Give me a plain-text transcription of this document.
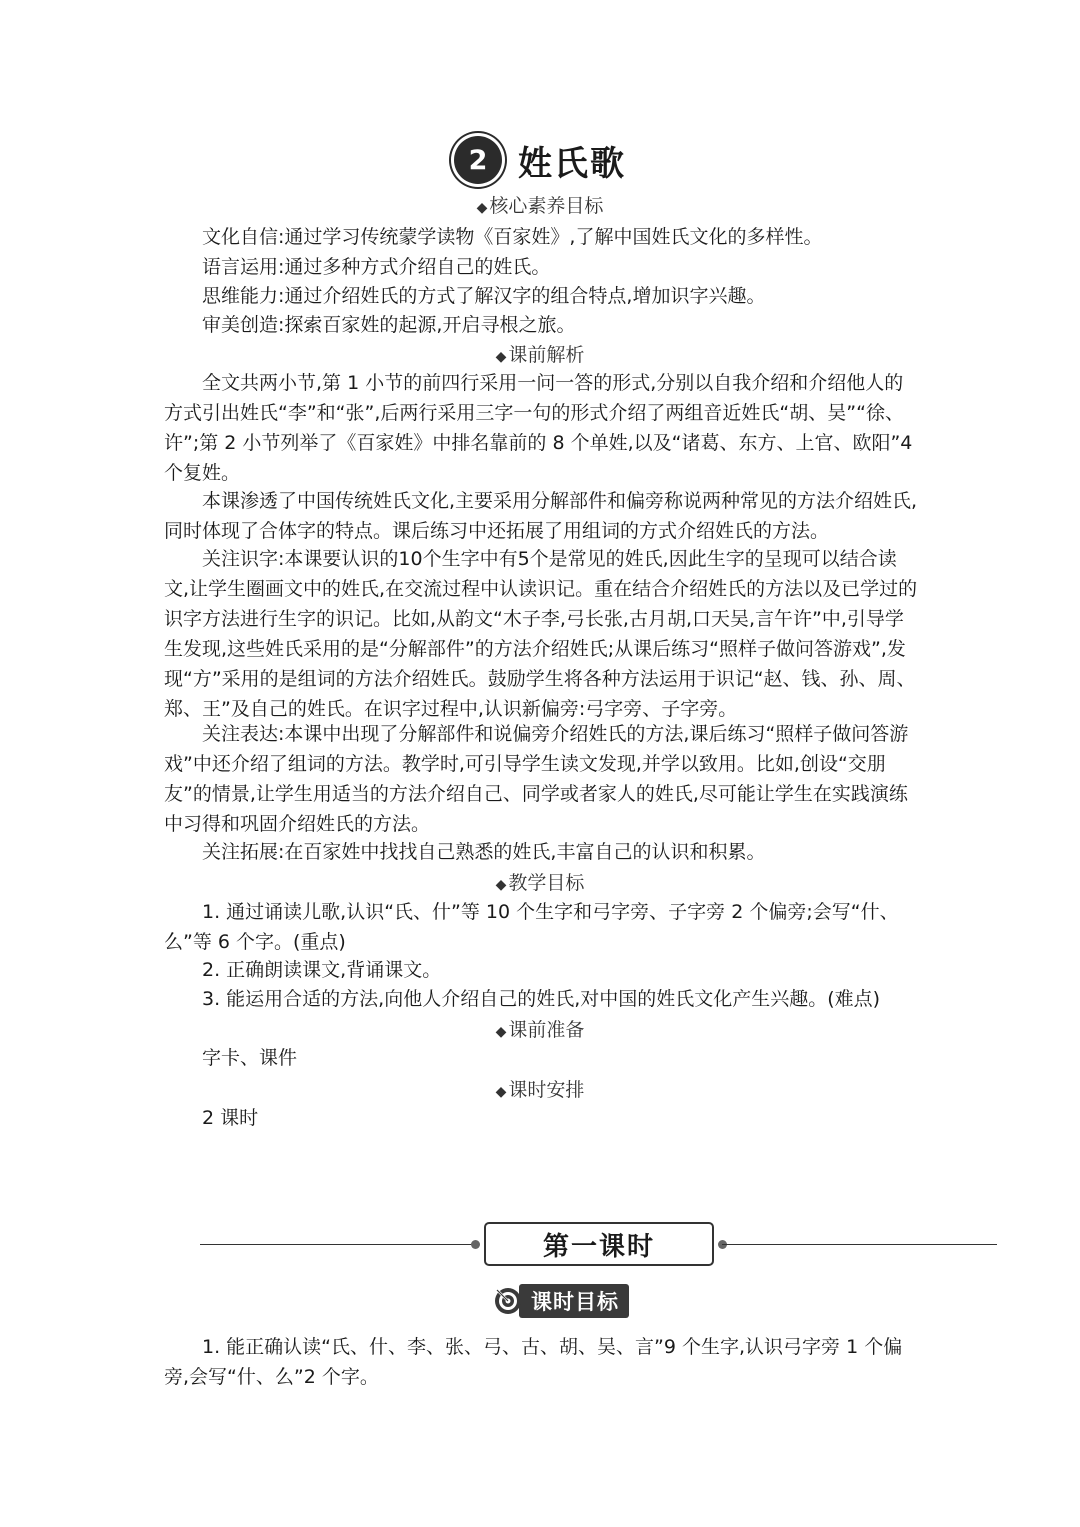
2 姓氏歌
◆ 核心素养目标
文化自信:通过学习传统蒙学读物《百家姓》,了解中国姓氏文化的多样性。
语言运用:通过多种方式介绍自己的姓氏。
思维能力:通过介绍姓氏的方式了解汉字的组合特点,增加识字兴趣。
审美创造:探索百家姓的起源,开启寻根之旅。
◆ 课前解析
全文共两小节,第 1 小节的前四行采用一问一答的形式,分别以自我介绍和介绍他人的方式引出姓氏“李”和“张”,后两行采用三字一句的形式介绍了两组音近姓氏“胡、吴”“徐、许”;第 2 小节列举了《百家姓》中排名靠前的 8 个单姓,以及“诸葛、东方、上官、欧阳”4 个复姓。
本课渗透了中国传统姓氏文化,主要采用分解部件和偏旁称说两种常见的方法介绍姓氏,同时体现了合体字的特点。课后练习中还拓展了用组词的方式介绍姓氏的方法。
关注识字:本课要认识的10个生字中有5个是常见的姓氏,因此生字的呈现可以结合读文,让学生圈画文中的姓氏,在交流过程中认读识记。重在结合介绍姓氏的方法以及已学过的识字方法进行生字的识记。比如,从韵文“木子李,弓长张,古月胡,口天吴,言午许”中,引导学生发现,这些姓氏采用的是“分解部件”的方法介绍姓氏;从课后练习“照样子做问答游戏”,发现“方”采用的是组词的方法介绍姓氏。鼓励学生将各种方法运用于识记“赵、钱、孙、周、郑、王”及自己的姓氏。在识字过程中,认识新偏旁:弓字旁、子字旁。
关注表达:本课中出现了分解部件和说偏旁介绍姓氏的方法,课后练习“照样子做问答游戏”中还介绍了组词的方法。教学时,可引导学生读文发现,并学以致用。比如,创设“交朋友”的情景,让学生用适当的方法介绍自己、同学或者家人的姓氏,尽可能让学生在实践演练中习得和巩固介绍姓氏的方法。
关注拓展:在百家姓中找找自己熟悉的姓氏,丰富自己的认识和积累。
◆ 教学目标
1. 通过诵读儿歌,认识“氏、什”等 10 个生字和弓字旁、子字旁 2 个偏旁;会写“什、么”等 6 个字。(重点)
2. 正确朗读课文,背诵课文。
3. 能运用合适的方法,向他人介绍自己的姓氏,对中国的姓氏文化产生兴趣。(难点)
◆ 课前准备
字卡、课件
◆ 课时安排
2 课时
第一课时
课时目标
1. 能正确认读“氏、什、李、张、弓、古、胡、吴、言”9 个生字,认识弓字旁 1 个偏旁,会写“什、么”2 个字。
